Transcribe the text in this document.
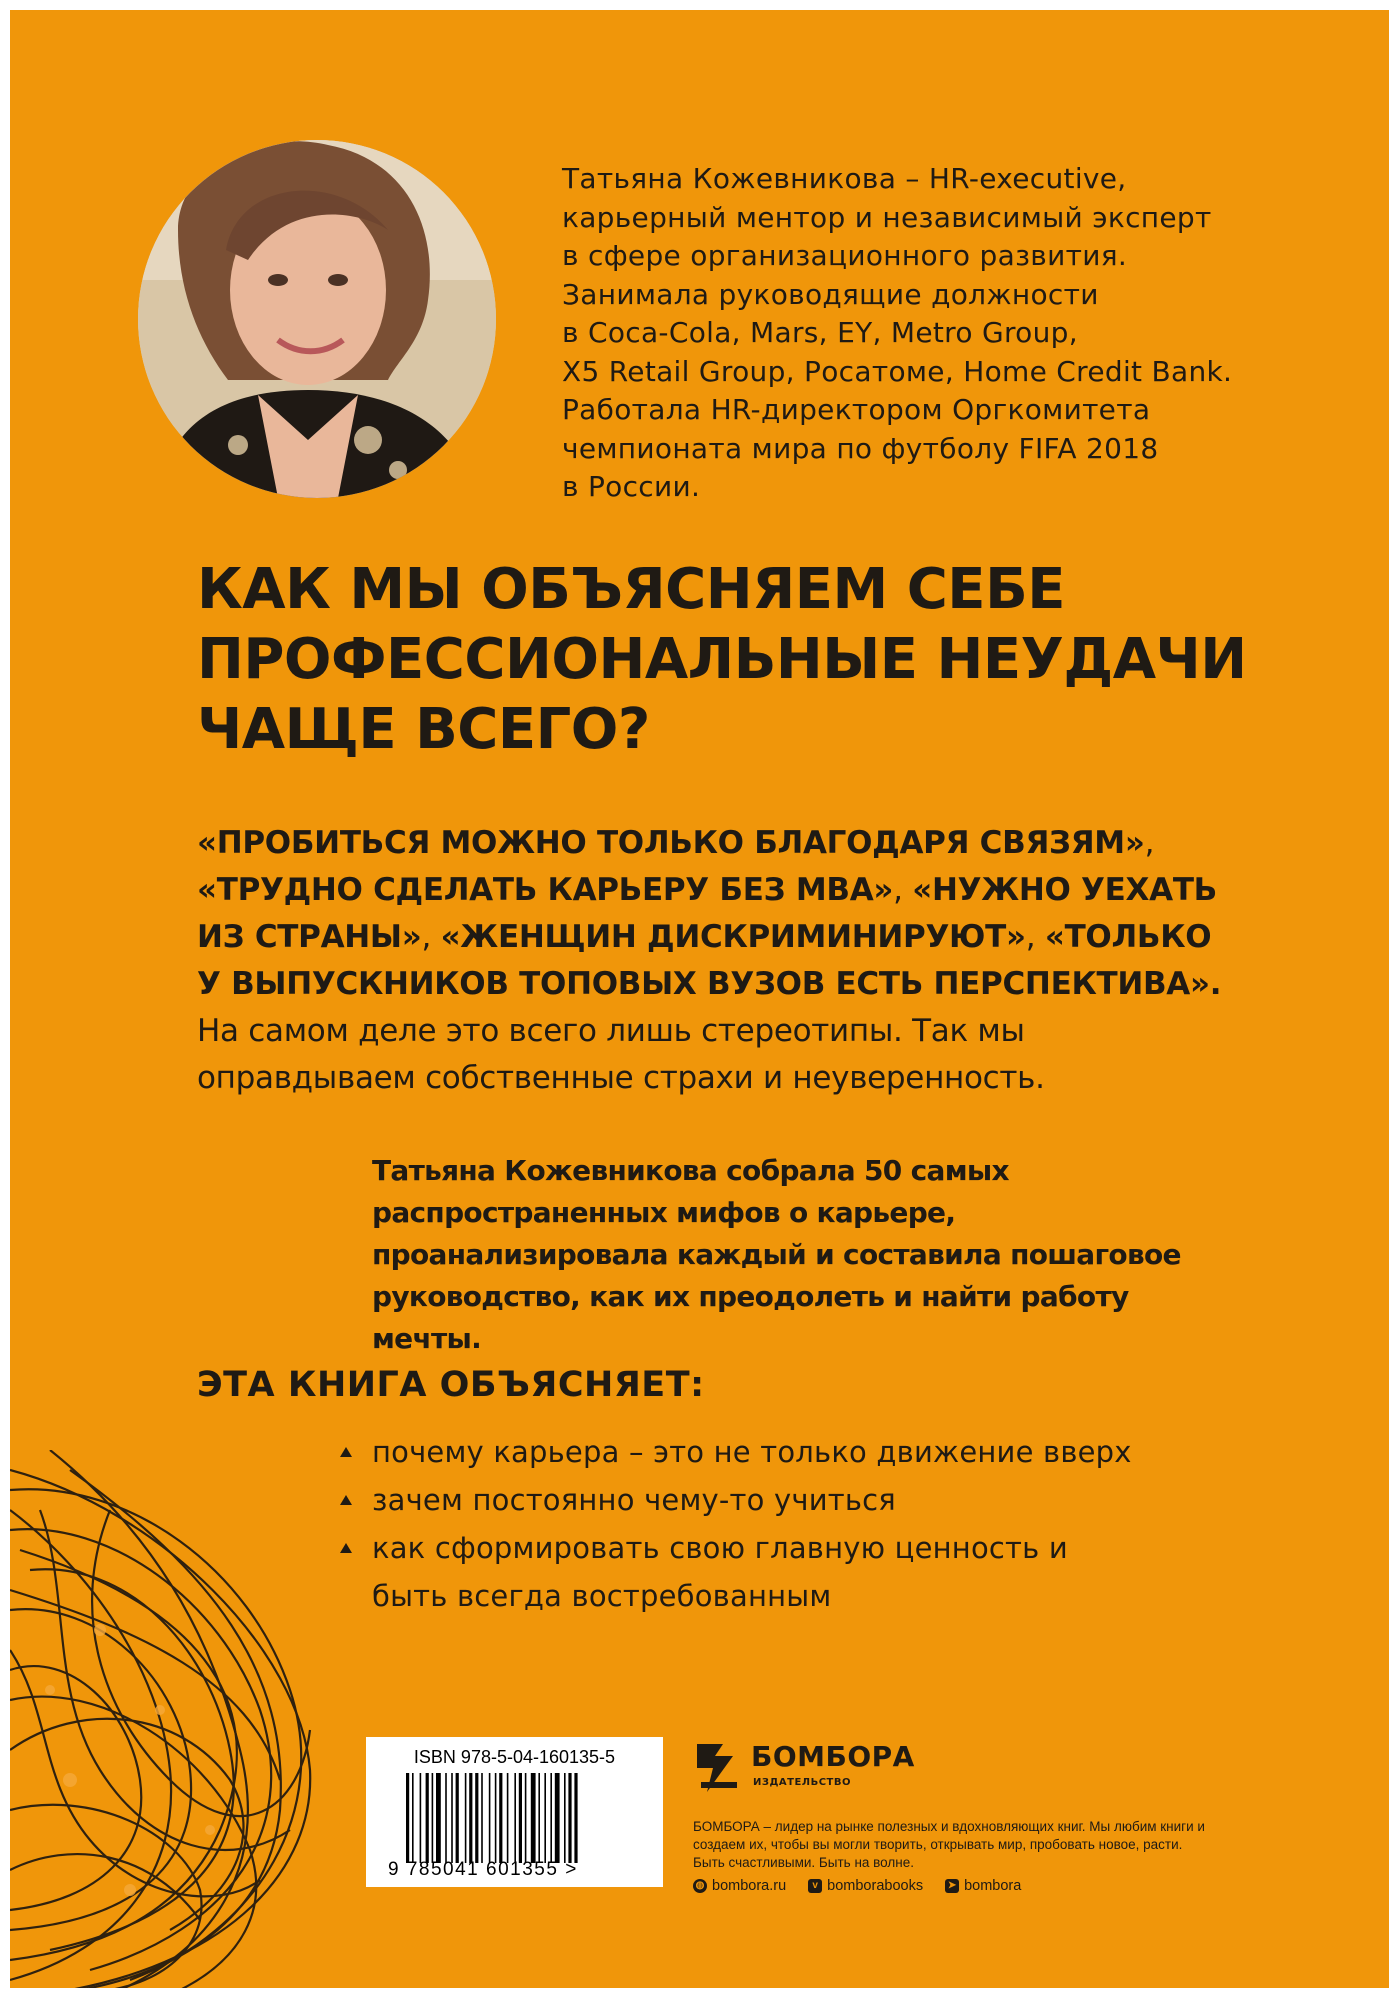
Татьяна Кожевникова – HR-executive,
карьерный ментор и независимый эксперт
в сфере организационного развития.
Занимала руководящие должности
в Coca-Cola, Mars, EY, Metro Group,
X5 Retail Group, Росатоме, Home Credit Bank.
Работала HR-директором Оргкомитета
чемпионата мира по футболу FIFA 2018
в России.
КАК МЫ ОБЪЯСНЯЕМ СЕБЕ
ПРОФЕССИОНАЛЬНЫЕ НЕУДАЧИ
ЧАЩЕ ВСЕГО?
«ПРОБИТЬСЯ МОЖНО ТОЛЬКО БЛАГОДАРЯ СВЯЗЯМ», «ТРУДНО СДЕЛАТЬ КАРЬЕРУ БЕЗ MBA», «НУЖНО УЕХАТЬ ИЗ СТРАНЫ», «ЖЕНЩИН ДИСКРИМИНИРУЮТ», «ТОЛЬКО У ВЫПУСКНИКОВ ТОПОВЫХ ВУЗОВ ЕСТЬ ПЕРСПЕКТИВА». На самом деле это всего лишь стереотипы. Так мы оправдываем собственные страхи и неуверенность.
Татьяна Кожевникова собрала 50 самых распространенных мифов о карьере, проанализировала каждый и составила пошаговое руководство, как их преодолеть и найти работу мечты.
ЭТА КНИГА ОБЪЯСНЯЕТ:
почему карьера – это не только движение вверх
зачем постоянно чему-то учиться
как сформировать свою главную ценность и быть всегда востребованным
ISBN 978-5-04-160135-5
9 785041 601355 >
БОМБОРА
ИЗДАТЕЛЬСТВО
БОМБОРА – лидер на рынке полезных и вдохновляющих книг. Мы любим книги и создаем их, чтобы вы могли творить, открывать мир, пробовать новое, расти. Быть счастливыми. Быть на волне.
◍ bombora.ru	v bomborabooks ➤ bombora
